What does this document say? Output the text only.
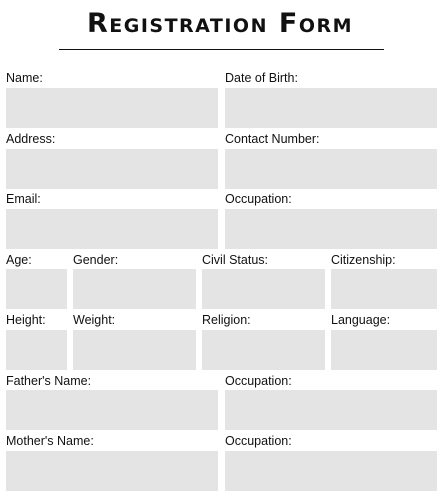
Registration Form
Name:	Date of Birth:
Address:	Contact Number:
Email:	Occupation:
Age:	Gender:	Civil Status:	Citizenship:
Height: Weight:	Religion:	Language:
Father's Name:	Occupation:
Mother's Name:	Occupation:
